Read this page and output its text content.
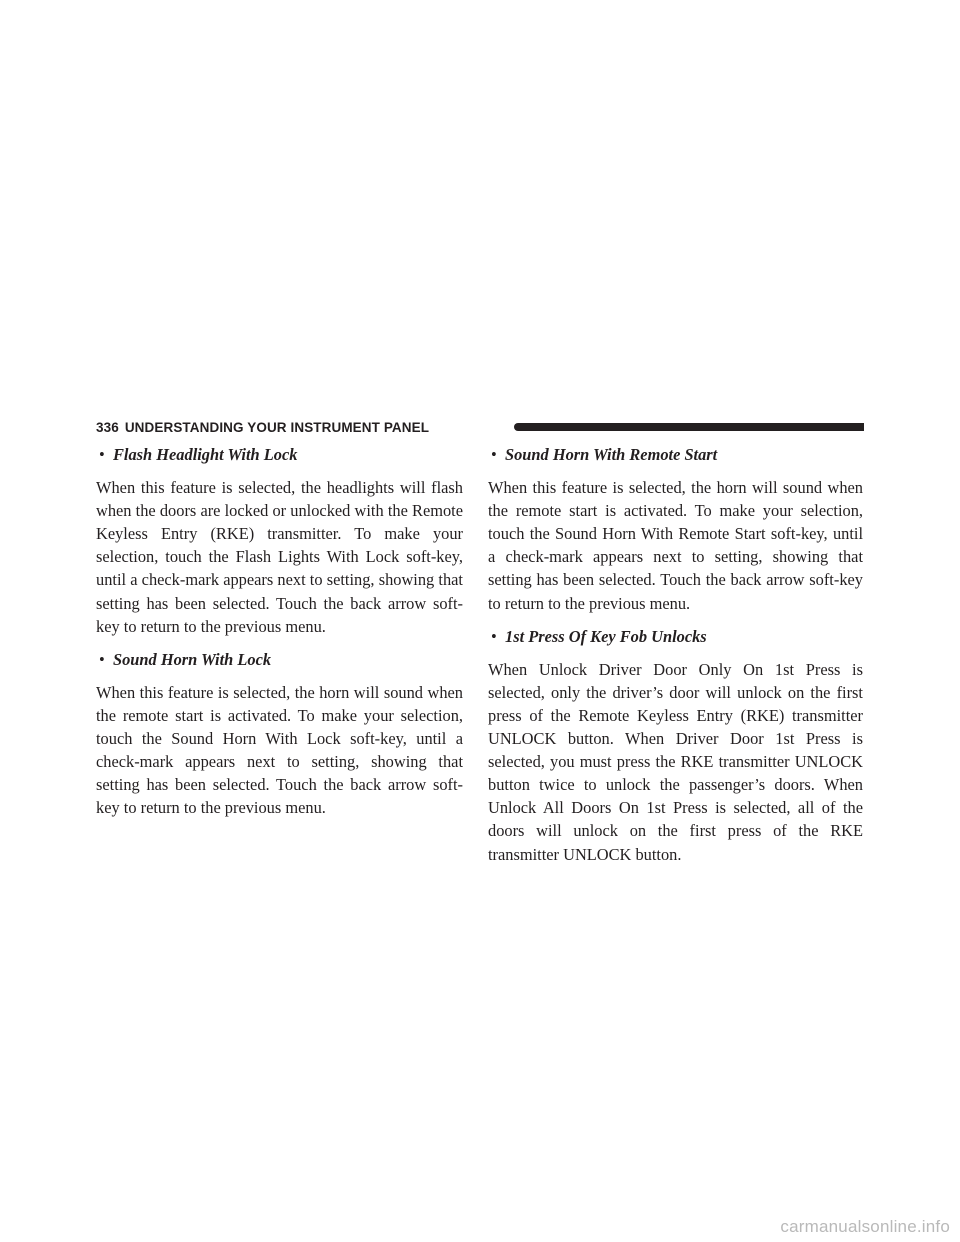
336 UNDERSTANDING YOUR INSTRUMENT PANEL
• Flash Headlight With Lock

When this feature is selected, the headlights will flash when the doors are locked or unlocked with the Remote Keyless Entry (RKE) transmitter. To make your selection, touch the Flash Lights With Lock soft-key, until a check-mark appears next to setting, showing that setting has been selected. Touch the back arrow soft-key to return to the previous menu.

• Sound Horn With Lock

When this feature is selected, the horn will sound when the remote start is activated. To make your selection, touch the Sound Horn With Lock soft-key, until a check-mark appears next to setting, showing that setting has been selected. Touch the back arrow soft-key to return to the previous menu.

• Sound Horn With Remote Start

When this feature is selected, the horn will sound when the remote start is activated. To make your selection, touch the Sound Horn With Remote Start soft-key, until a check-mark appears next to setting, showing that setting has been selected. Touch the back arrow soft-key to return to the previous menu.

• 1st Press Of Key Fob Unlocks

When Unlock Driver Door Only On 1st Press is selected, only the driver’s door will unlock on the first press of the Remote Keyless Entry (RKE) transmitter UNLOCK button. When Driver Door 1st Press is selected, you must press the RKE transmitter UNLOCK button twice to unlock the passenger’s doors. When Unlock All Doors On 1st Press is selected, all of the doors will unlock on the first press of the RKE transmitter UNLOCK button.

carmanualsonline.info
